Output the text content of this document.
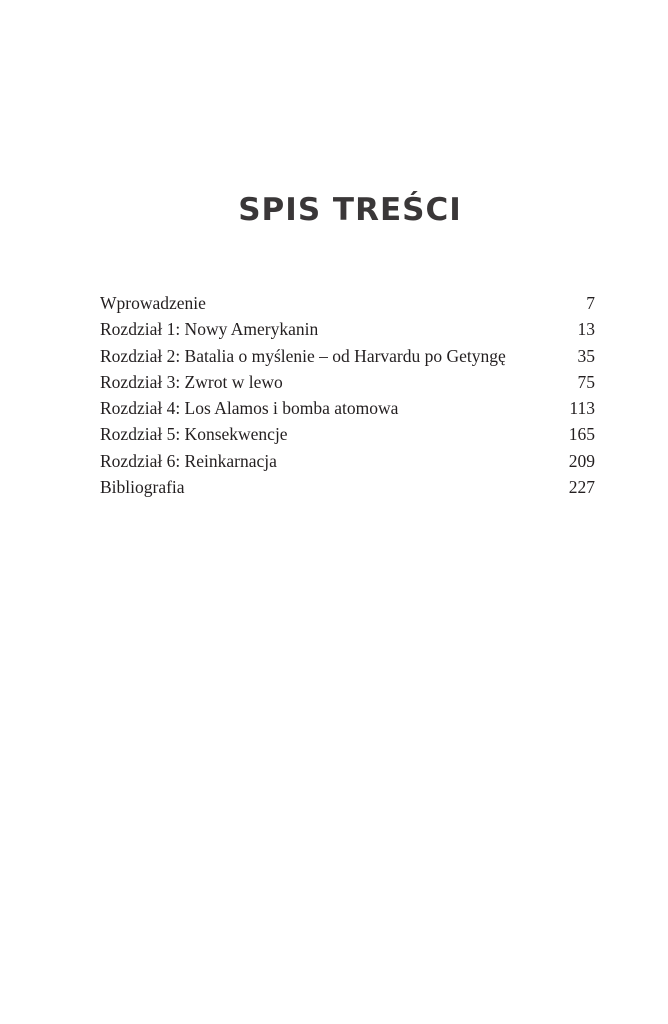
SPIS TREŚCI
Wprowadzenie	7
Rozdział 1: Nowy Amerykanin	13
Rozdział 2: Batalia o myślenie – od Harvardu po Getyngę	35
Rozdział 3: Zwrot w lewo	75
Rozdział 4: Los Alamos i bomba atomowa	113
Rozdział 5: Konsekwencje	165
Rozdział 6: Reinkarnacja	209
Bibliografia	227
